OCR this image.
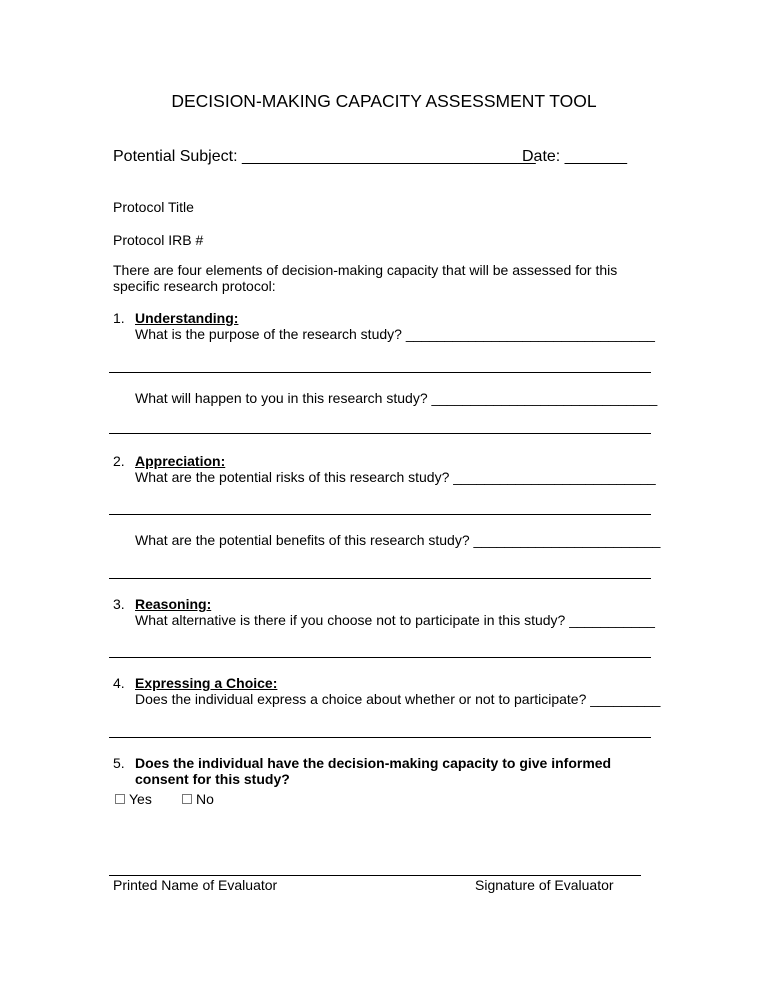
DECISION-MAKING CAPACITY ASSESSMENT TOOL
Potential Subject: _________________________________
Date: _______
Protocol Title
Protocol IRB #
There are four elements of decision-making capacity that will be assessed for this
specific research protocol:
1. Understanding:
What is the purpose of the research study? ________________________________
What will happen to you in this research study? _____________________________
2. Appreciation:
What are the potential risks of this research study? __________________________
What are the potential benefits of this research study? ________________________
3. Reasoning:
What alternative is there if you choose not to participate in this study? ___________
4. Expressing a Choice:
Does the individual express a choice about whether or not to participate? _________
5. Does the individual have the decision-making capacity to give informed
consent for this study?
Yes	No
Printed Name of Evaluator	Signature of Evaluator
